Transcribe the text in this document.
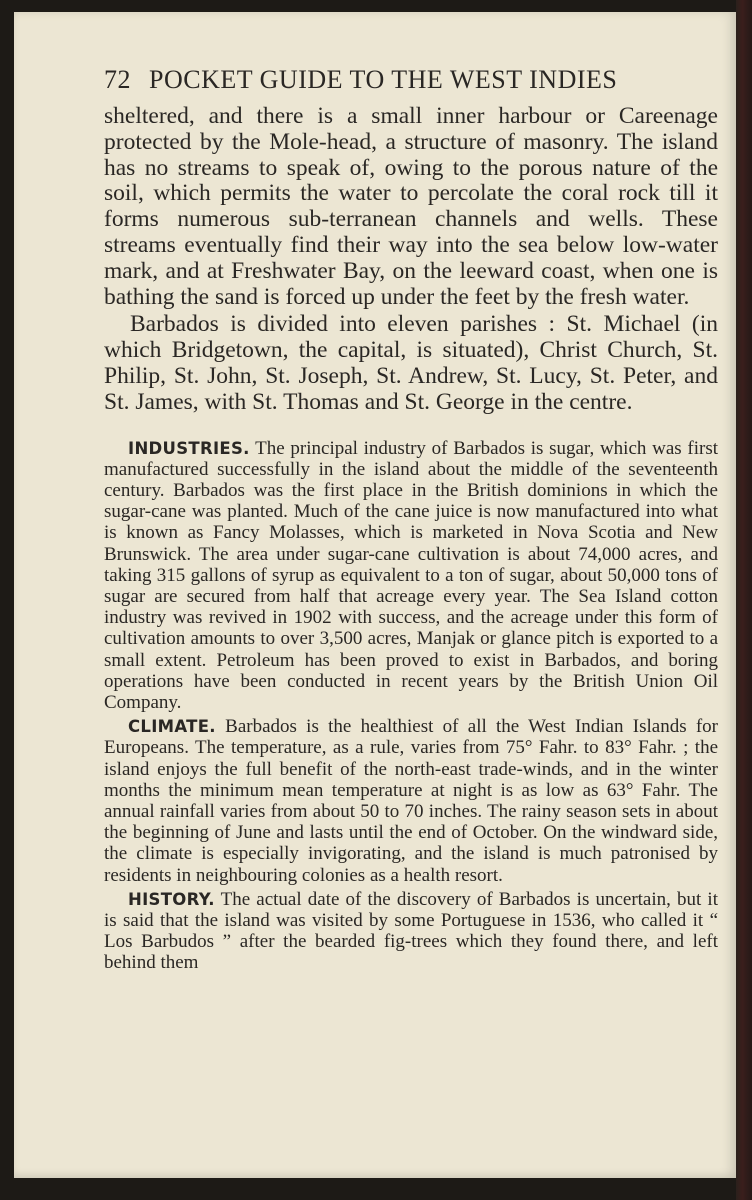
72 POCKET GUIDE TO THE WEST INDIES

sheltered, and there is a small inner harbour or Careenage protected by the Mole-head, a structure of masonry. The island has no streams to speak of, owing to the porous nature of the soil, which permits the water to percolate the coral rock till it forms numerous sub-terranean channels and wells. These streams eventually find their way into the sea below low-water mark, and at Freshwater Bay, on the leeward coast, when one is bathing the sand is forced up under the feet by the fresh water.

Barbados is divided into eleven parishes : St. Michael (in which Bridgetown, the capital, is situated), Christ Church, St. Philip, St. John, St. Joseph, St. Andrew, St. Lucy, St. Peter, and St. James, with St. Thomas and St. George in the centre.

INDUSTRIES. The principal industry of Barbados is sugar, which was first manufactured successfully in the island about the middle of the seventeenth century. Barbados was the first place in the British dominions in which the sugar-cane was planted. Much of the cane juice is now manufactured into what is known as Fancy Molasses, which is marketed in Nova Scotia and New Brunswick. The area under sugar-cane cultivation is about 74,000 acres, and taking 315 gallons of syrup as equivalent to a ton of sugar, about 50,000 tons of sugar are secured from half that acreage every year. The Sea Island cotton industry was revived in 1902 with success, and the acreage under this form of cultivation amounts to over 3,500 acres, Manjak or glance pitch is exported to a small extent. Petroleum has been proved to exist in Barbados, and boring operations have been conducted in recent years by the British Union Oil Company.

CLIMATE. Barbados is the healthiest of all the West Indian Islands for Europeans. The temperature, as a rule, varies from 75° Fahr. to 83° Fahr. ; the island enjoys the full benefit of the north-east trade-winds, and in the winter months the minimum mean temperature at night is as low as 63° Fahr. The annual rainfall varies from about 50 to 70 inches. The rainy season sets in about the beginning of June and lasts until the end of October. On the windward side, the climate is especially invigorating, and the island is much patronised by residents in neighbouring colonies as a health resort.

HISTORY. The actual date of the discovery of Barbados is uncertain, but it is said that the island was visited by some Portuguese in 1536, who called it “ Los Barbudos ” after the bearded fig-trees which they found there, and left behind them
